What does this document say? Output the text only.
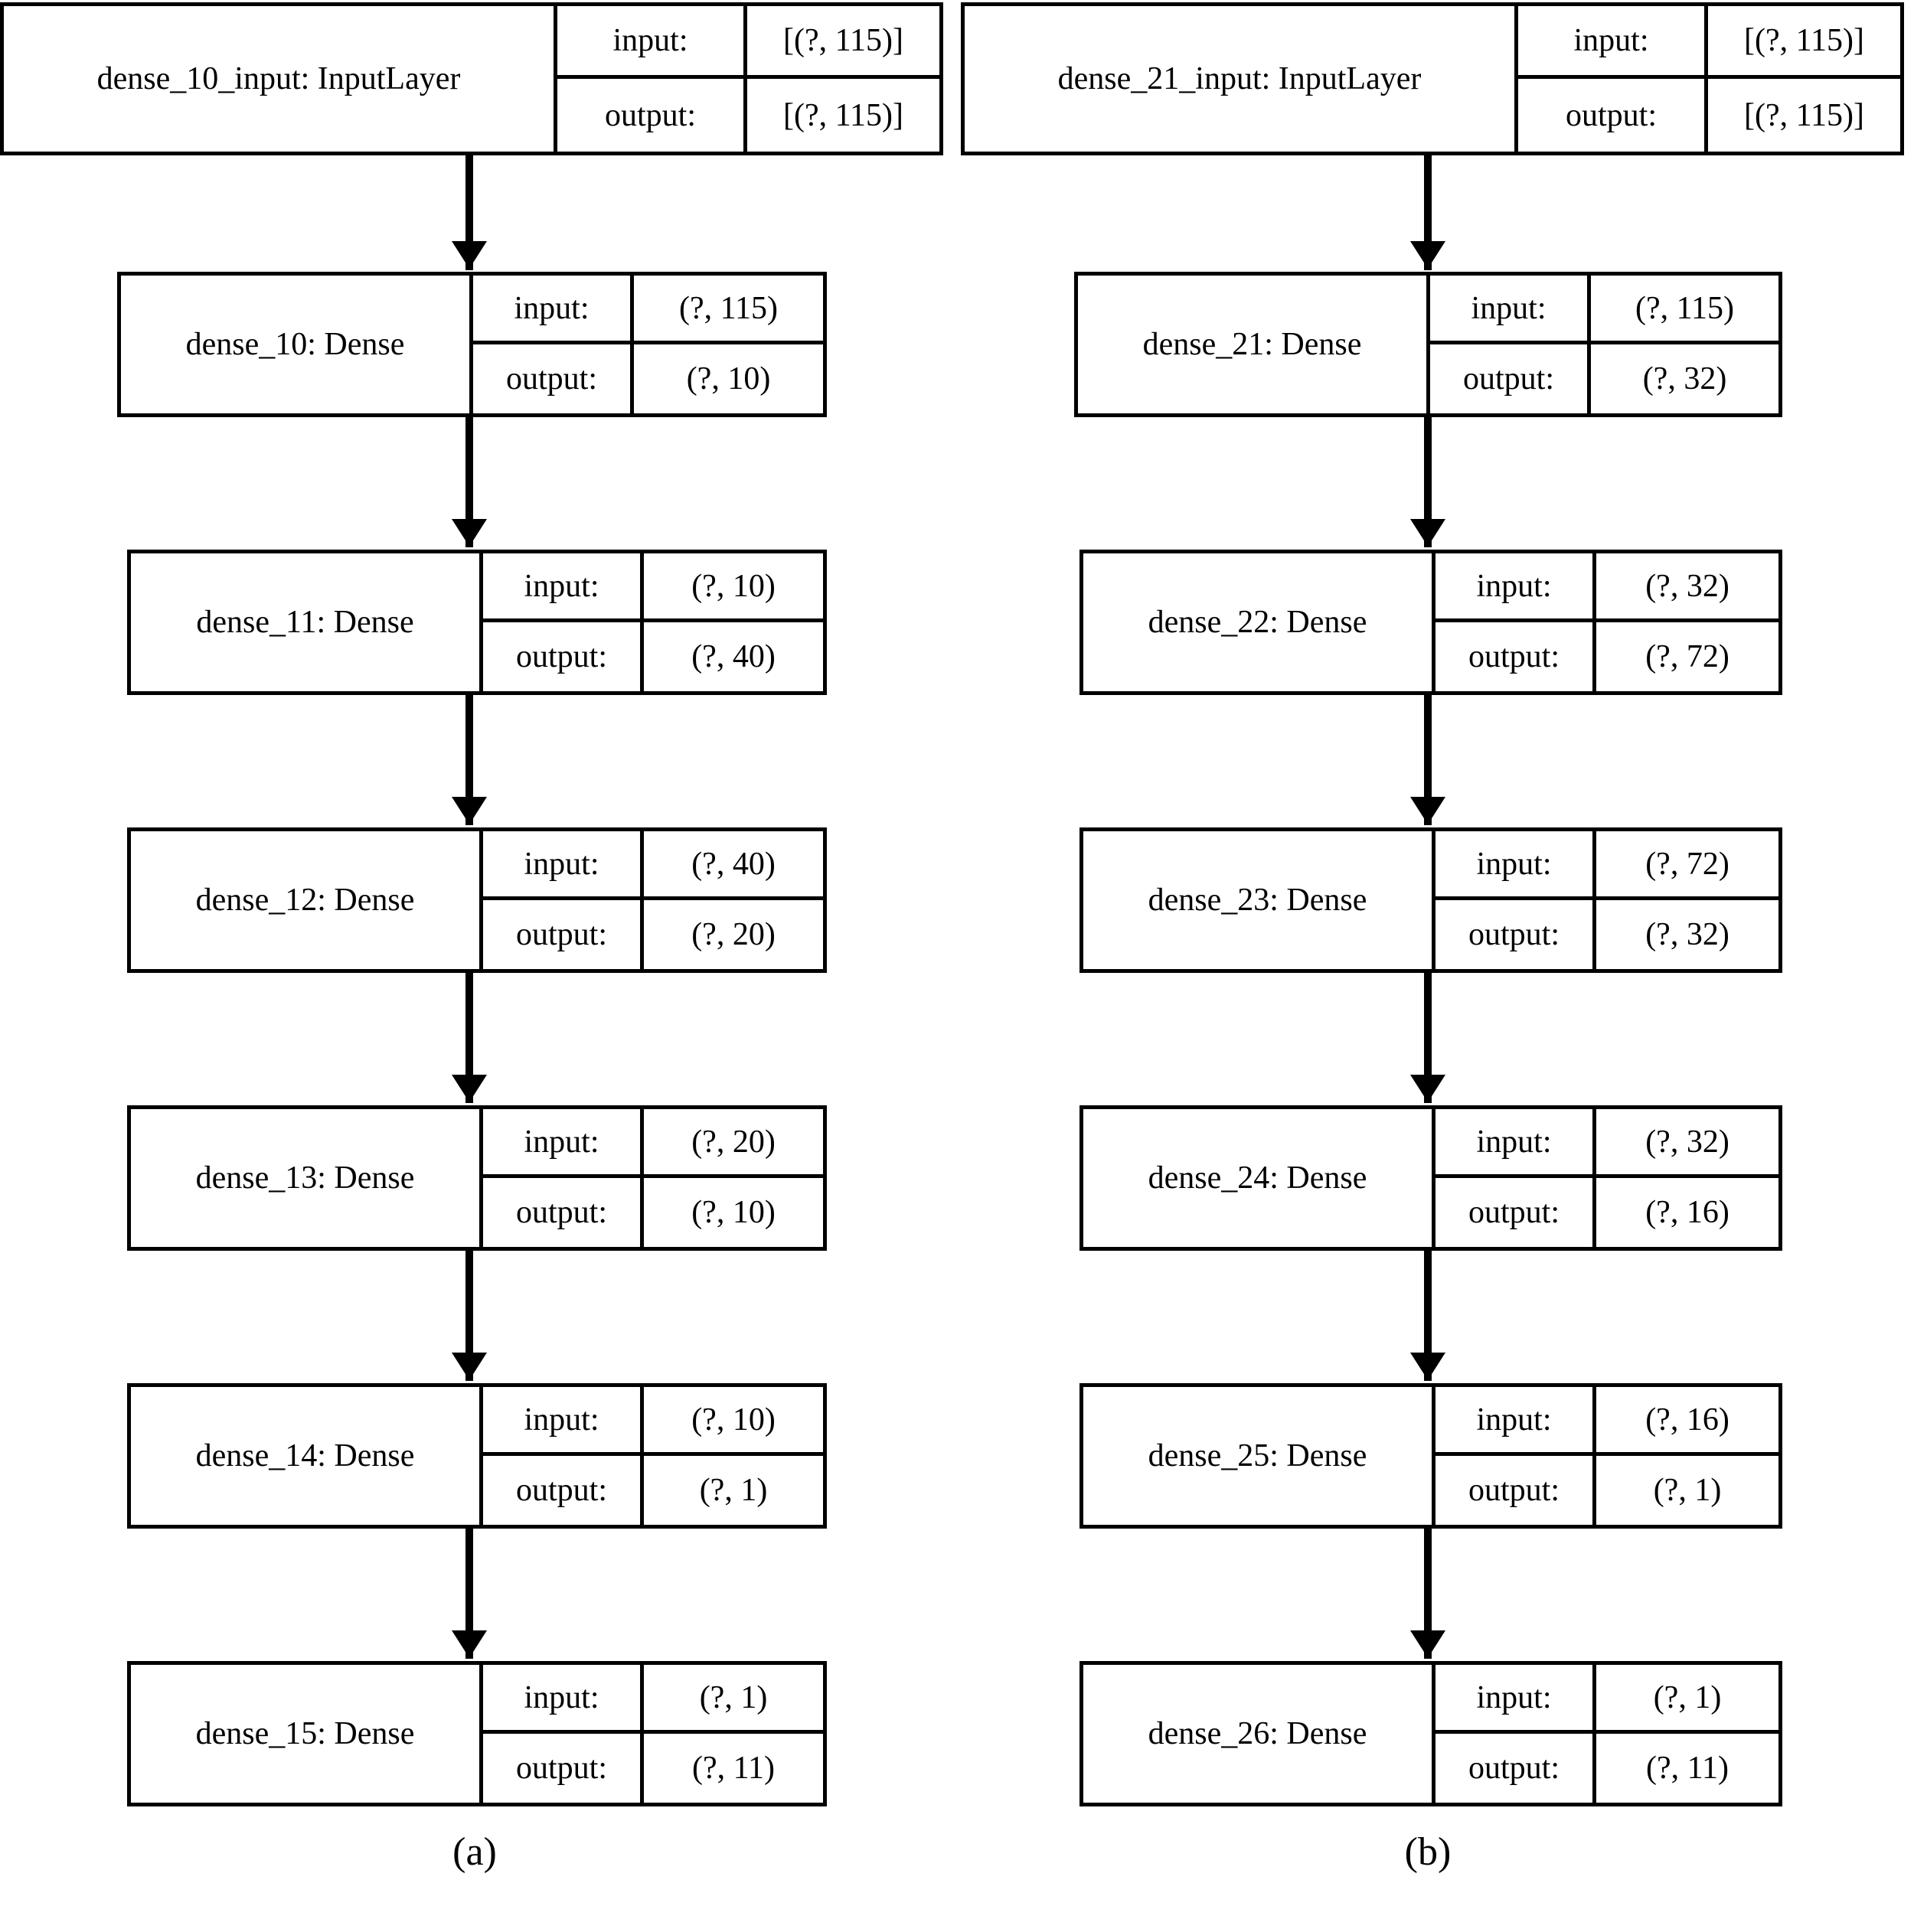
dense_10_input: InputLayer
input:	[(?, 115)]
output:	[(?, 115)]
dense_10: Dense
input:	(?, 115)
output:	(?, 10)
dense_11: Dense
input:	(?, 10)
output:	(?, 40)
dense_12: Dense
input:	(?, 40)
output:	(?, 20)
dense_13: Dense
input:	(?, 20)
output:	(?, 10)
dense_14: Dense
input:	(?, 10)
output:	(?, 1)
dense_15: Dense
input:	(?, 1)
output:	(?, 11)
(a)
dense_21_input: InputLayer
input:	[(?, 115)]
output:	[(?, 115)]
dense_21: Dense
input:	(?, 115)
output:	(?, 32)
dense_22: Dense
input:	(?, 32)
output:	(?, 72)
dense_23: Dense
input:	(?, 72)
output:	(?, 32)
dense_24: Dense
input:	(?, 32)
output:	(?, 16)
dense_25: Dense
input:	(?, 16)
output:	(?, 1)
dense_26: Dense
input:	(?, 1)
output:	(?, 11)
(b)
